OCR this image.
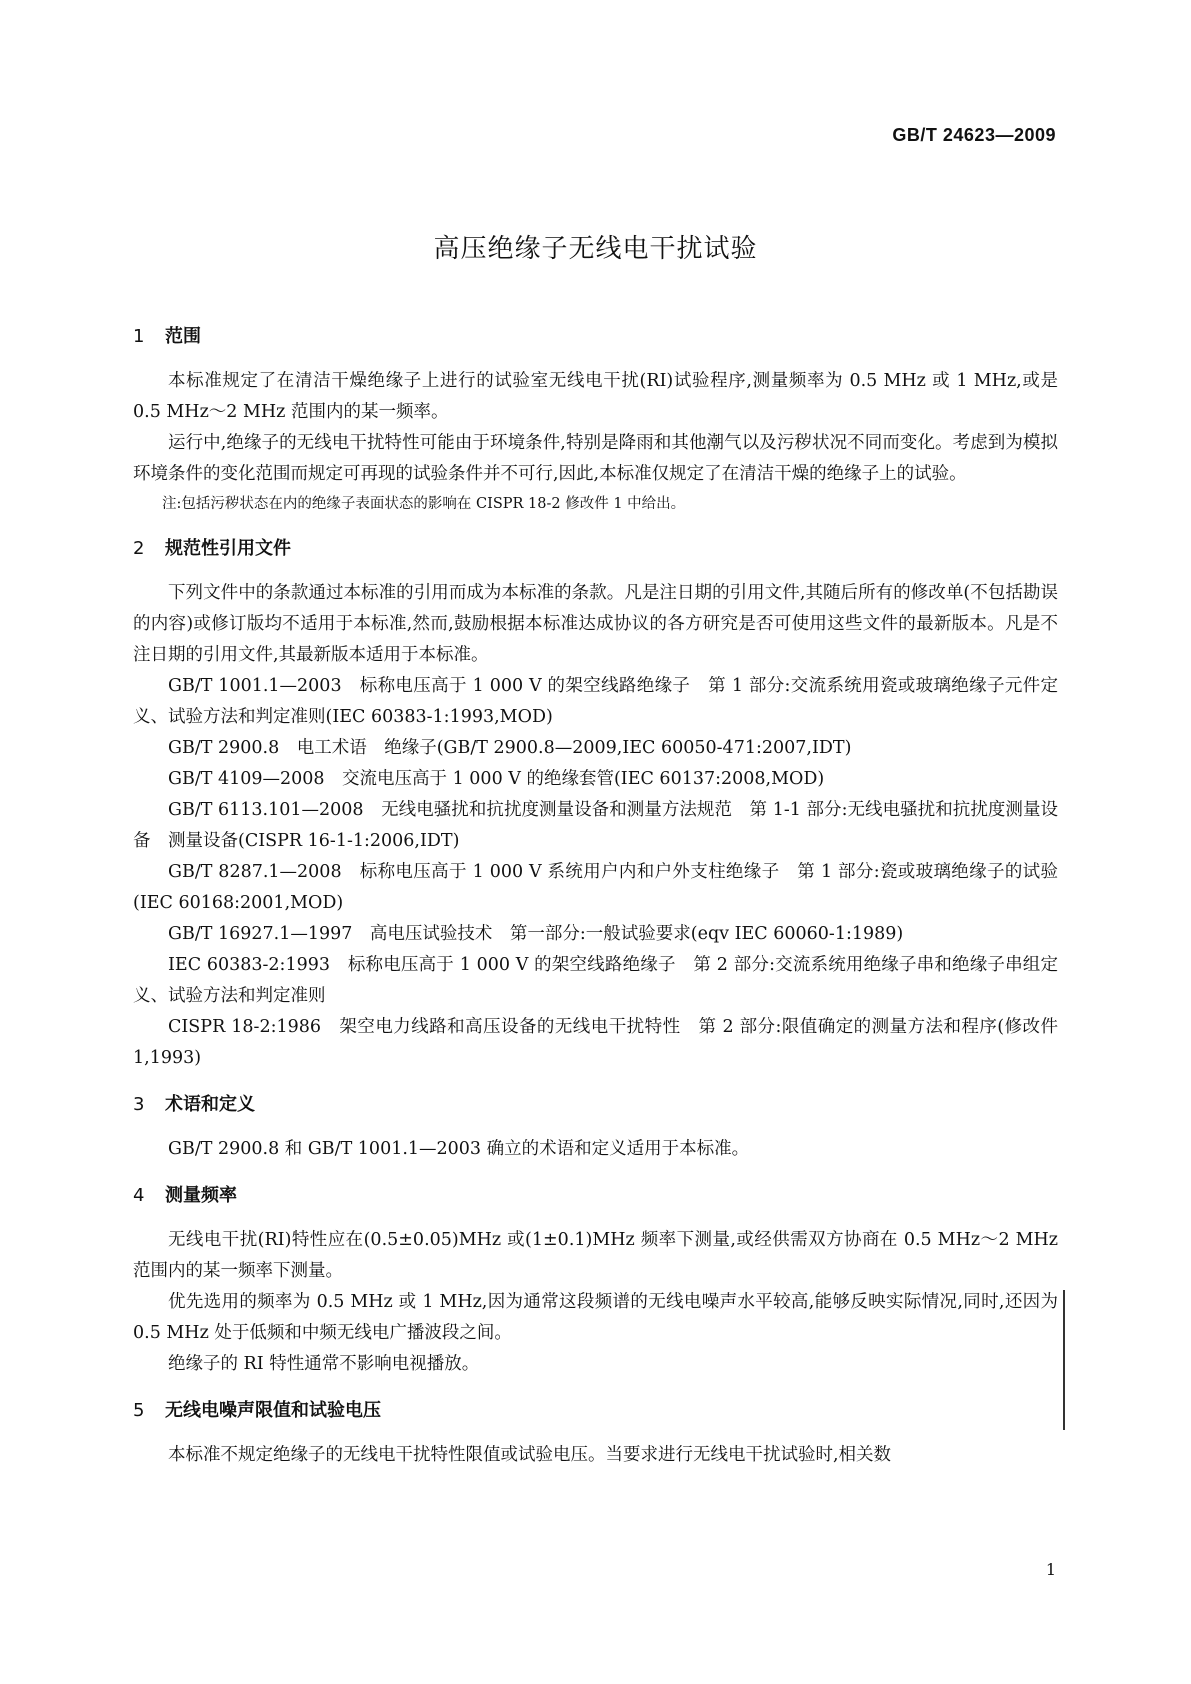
GB/T 24623—2009
高压绝缘子无线电干扰试验
1 范围

本标准规定了在清洁干燥绝缘子上进行的试验室无线电干扰(RI)试验程序,测量频率为 0.5 MHz 或 1 MHz,或是 0.5 MHz～2 MHz 范围内的某一频率。

运行中,绝缘子的无线电干扰特性可能由于环境条件,特别是降雨和其他潮气以及污秽状况不同而变化。考虑到为模拟环境条件的变化范围而规定可再现的试验条件并不可行,因此,本标准仅规定了在清洁干燥的绝缘子上的试验。

注:包括污秽状态在内的绝缘子表面状态的影响在 CISPR 18-2 修改件 1 中给出。

2 规范性引用文件

下列文件中的条款通过本标准的引用而成为本标准的条款。凡是注日期的引用文件,其随后所有的修改单(不包括勘误的内容)或修订版均不适用于本标准,然而,鼓励根据本标准达成协议的各方研究是否可使用这些文件的最新版本。凡是不注日期的引用文件,其最新版本适用于本标准。

GB/T 1001.1—2003　标称电压高于 1 000 V 的架空线路绝缘子　第 1 部分:交流系统用瓷或玻璃绝缘子元件定义、试验方法和判定准则(IEC 60383-1:1993,MOD)

GB/T 2900.8　电工术语　绝缘子(GB/T 2900.8—2009,IEC 60050-471:2007,IDT)

GB/T 4109—2008　交流电压高于 1 000 V 的绝缘套管(IEC 60137:2008,MOD)

GB/T 6113.101—2008　无线电骚扰和抗扰度测量设备和测量方法规范　第 1-1 部分:无线电骚扰和抗扰度测量设备　测量设备(CISPR 16-1-1:2006,IDT)

GB/T 8287.1—2008　标称电压高于 1 000 V 系统用户内和户外支柱绝缘子　第 1 部分:瓷或玻璃绝缘子的试验(IEC 60168:2001,MOD)

GB/T 16927.1—1997　高电压试验技术　第一部分:一般试验要求(eqv IEC 60060-1:1989)

IEC 60383-2:1993　标称电压高于 1 000 V 的架空线路绝缘子　第 2 部分:交流系统用绝缘子串和绝缘子串组定义、试验方法和判定准则

CISPR 18-2:1986　架空电力线路和高压设备的无线电干扰特性　第 2 部分:限值确定的测量方法和程序(修改件 1,1993)

3 术语和定义

GB/T 2900.8 和 GB/T 1001.1—2003 确立的术语和定义适用于本标准。

4 测量频率

无线电干扰(RI)特性应在(0.5±0.05)MHz 或(1±0.1)MHz 频率下测量,或经供需双方协商在 0.5 MHz～2 MHz 范围内的某一频率下测量。

优先选用的频率为 0.5 MHz 或 1 MHz,因为通常这段频谱的无线电噪声水平较高,能够反映实际情况,同时,还因为 0.5 MHz 处于低频和中频无线电广播波段之间。

绝缘子的 RI 特性通常不影响电视播放。

5 无线电噪声限值和试验电压

本标准不规定绝缘子的无线电干扰特性限值或试验电压。当要求进行无线电干扰试验时,相关数

1
